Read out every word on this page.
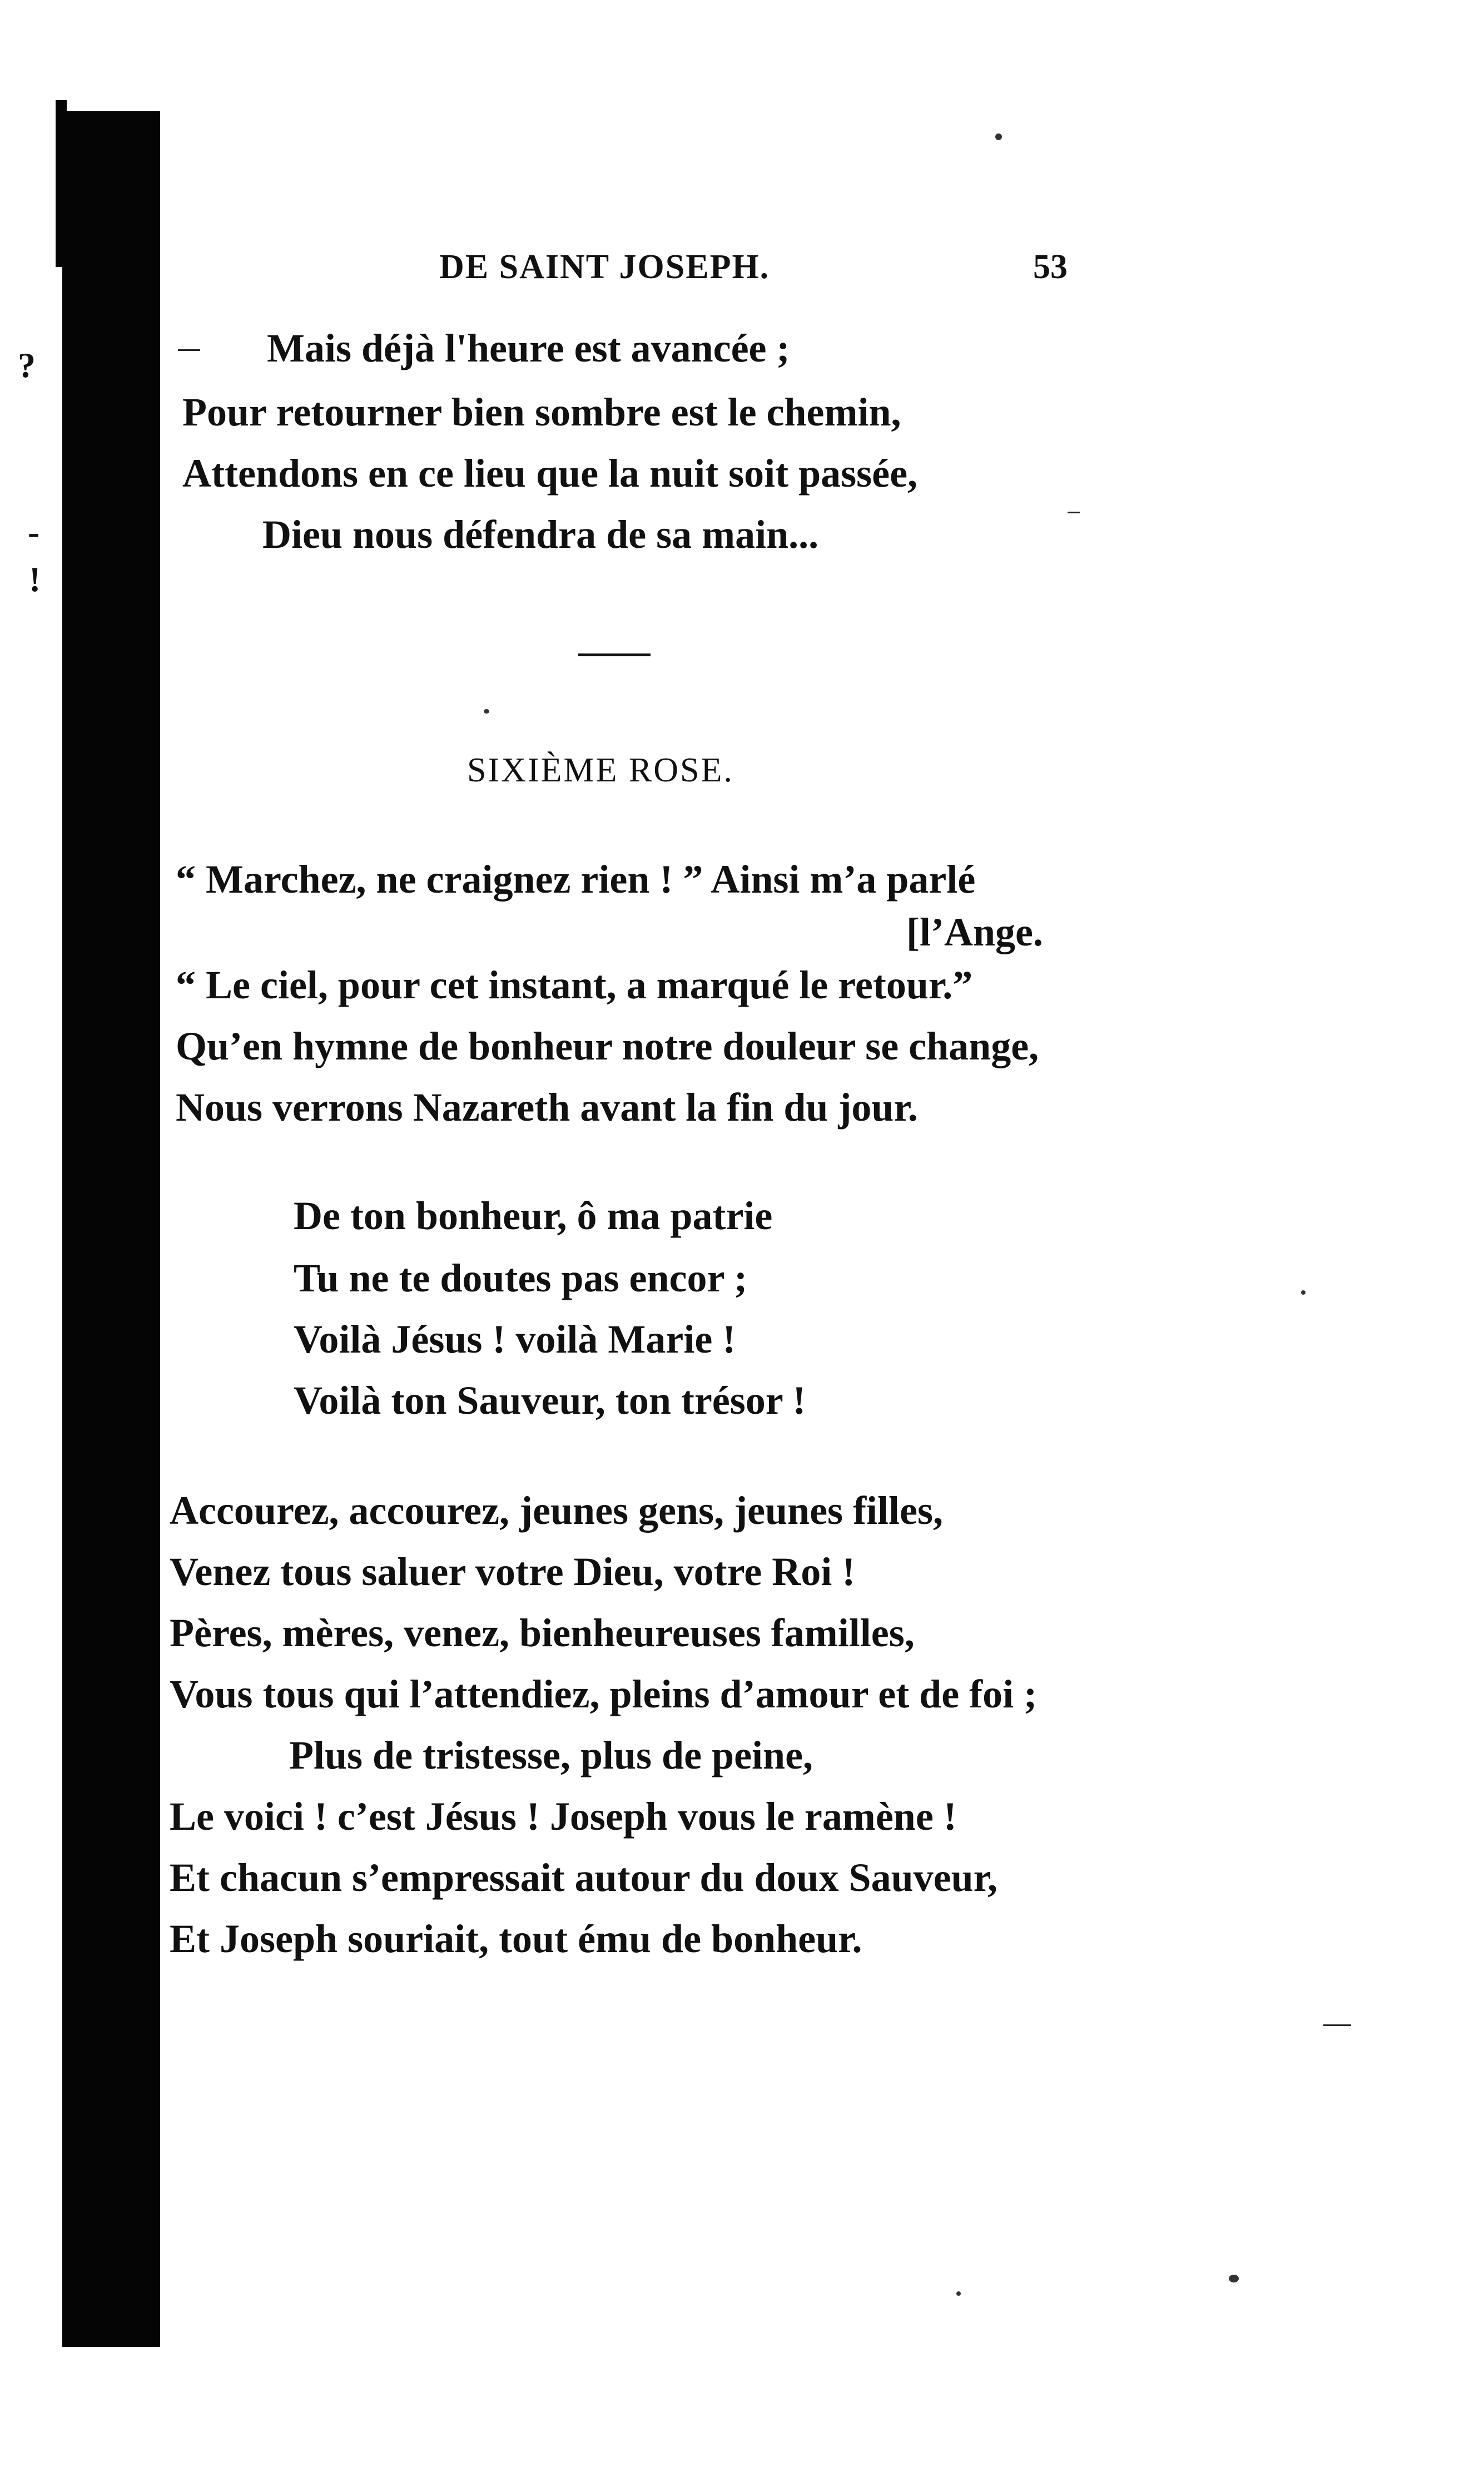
?
-
!
DE SAINT JOSEPH.	53
Mais déjà l'heure est avancée ;
Pour retourner bien sombre est le chemin,
Attendons en ce lieu que la nuit soit passée,
Dieu nous défendra de sa main...
SIXIÈME ROSE.
“ Marchez, ne craignez rien ! ” Ainsi m’a parlé
[l’Ange.
“ Le ciel, pour cet instant, a marqué le retour.”
Qu’en hymne de bonheur notre douleur se change,
Nous verrons Nazareth avant la fin du jour.
De ton bonheur, ô ma patrie
Tu ne te doutes pas encor ;
Voilà Jésus ! voilà Marie !
Voilà ton Sauveur, ton trésor !
Accourez, accourez, jeunes gens, jeunes filles,
Venez tous saluer votre Dieu, votre Roi !
Pères, mères, venez, bienheureuses familles,
Vous tous qui l’attendiez, pleins d’amour et de foi ;
Plus de tristesse, plus de peine,
Le voici ! c’est Jésus ! Joseph vous le ramène !
Et chacun s’empressait autour du doux Sauveur,
Et Joseph souriait, tout ému de bonheur.
